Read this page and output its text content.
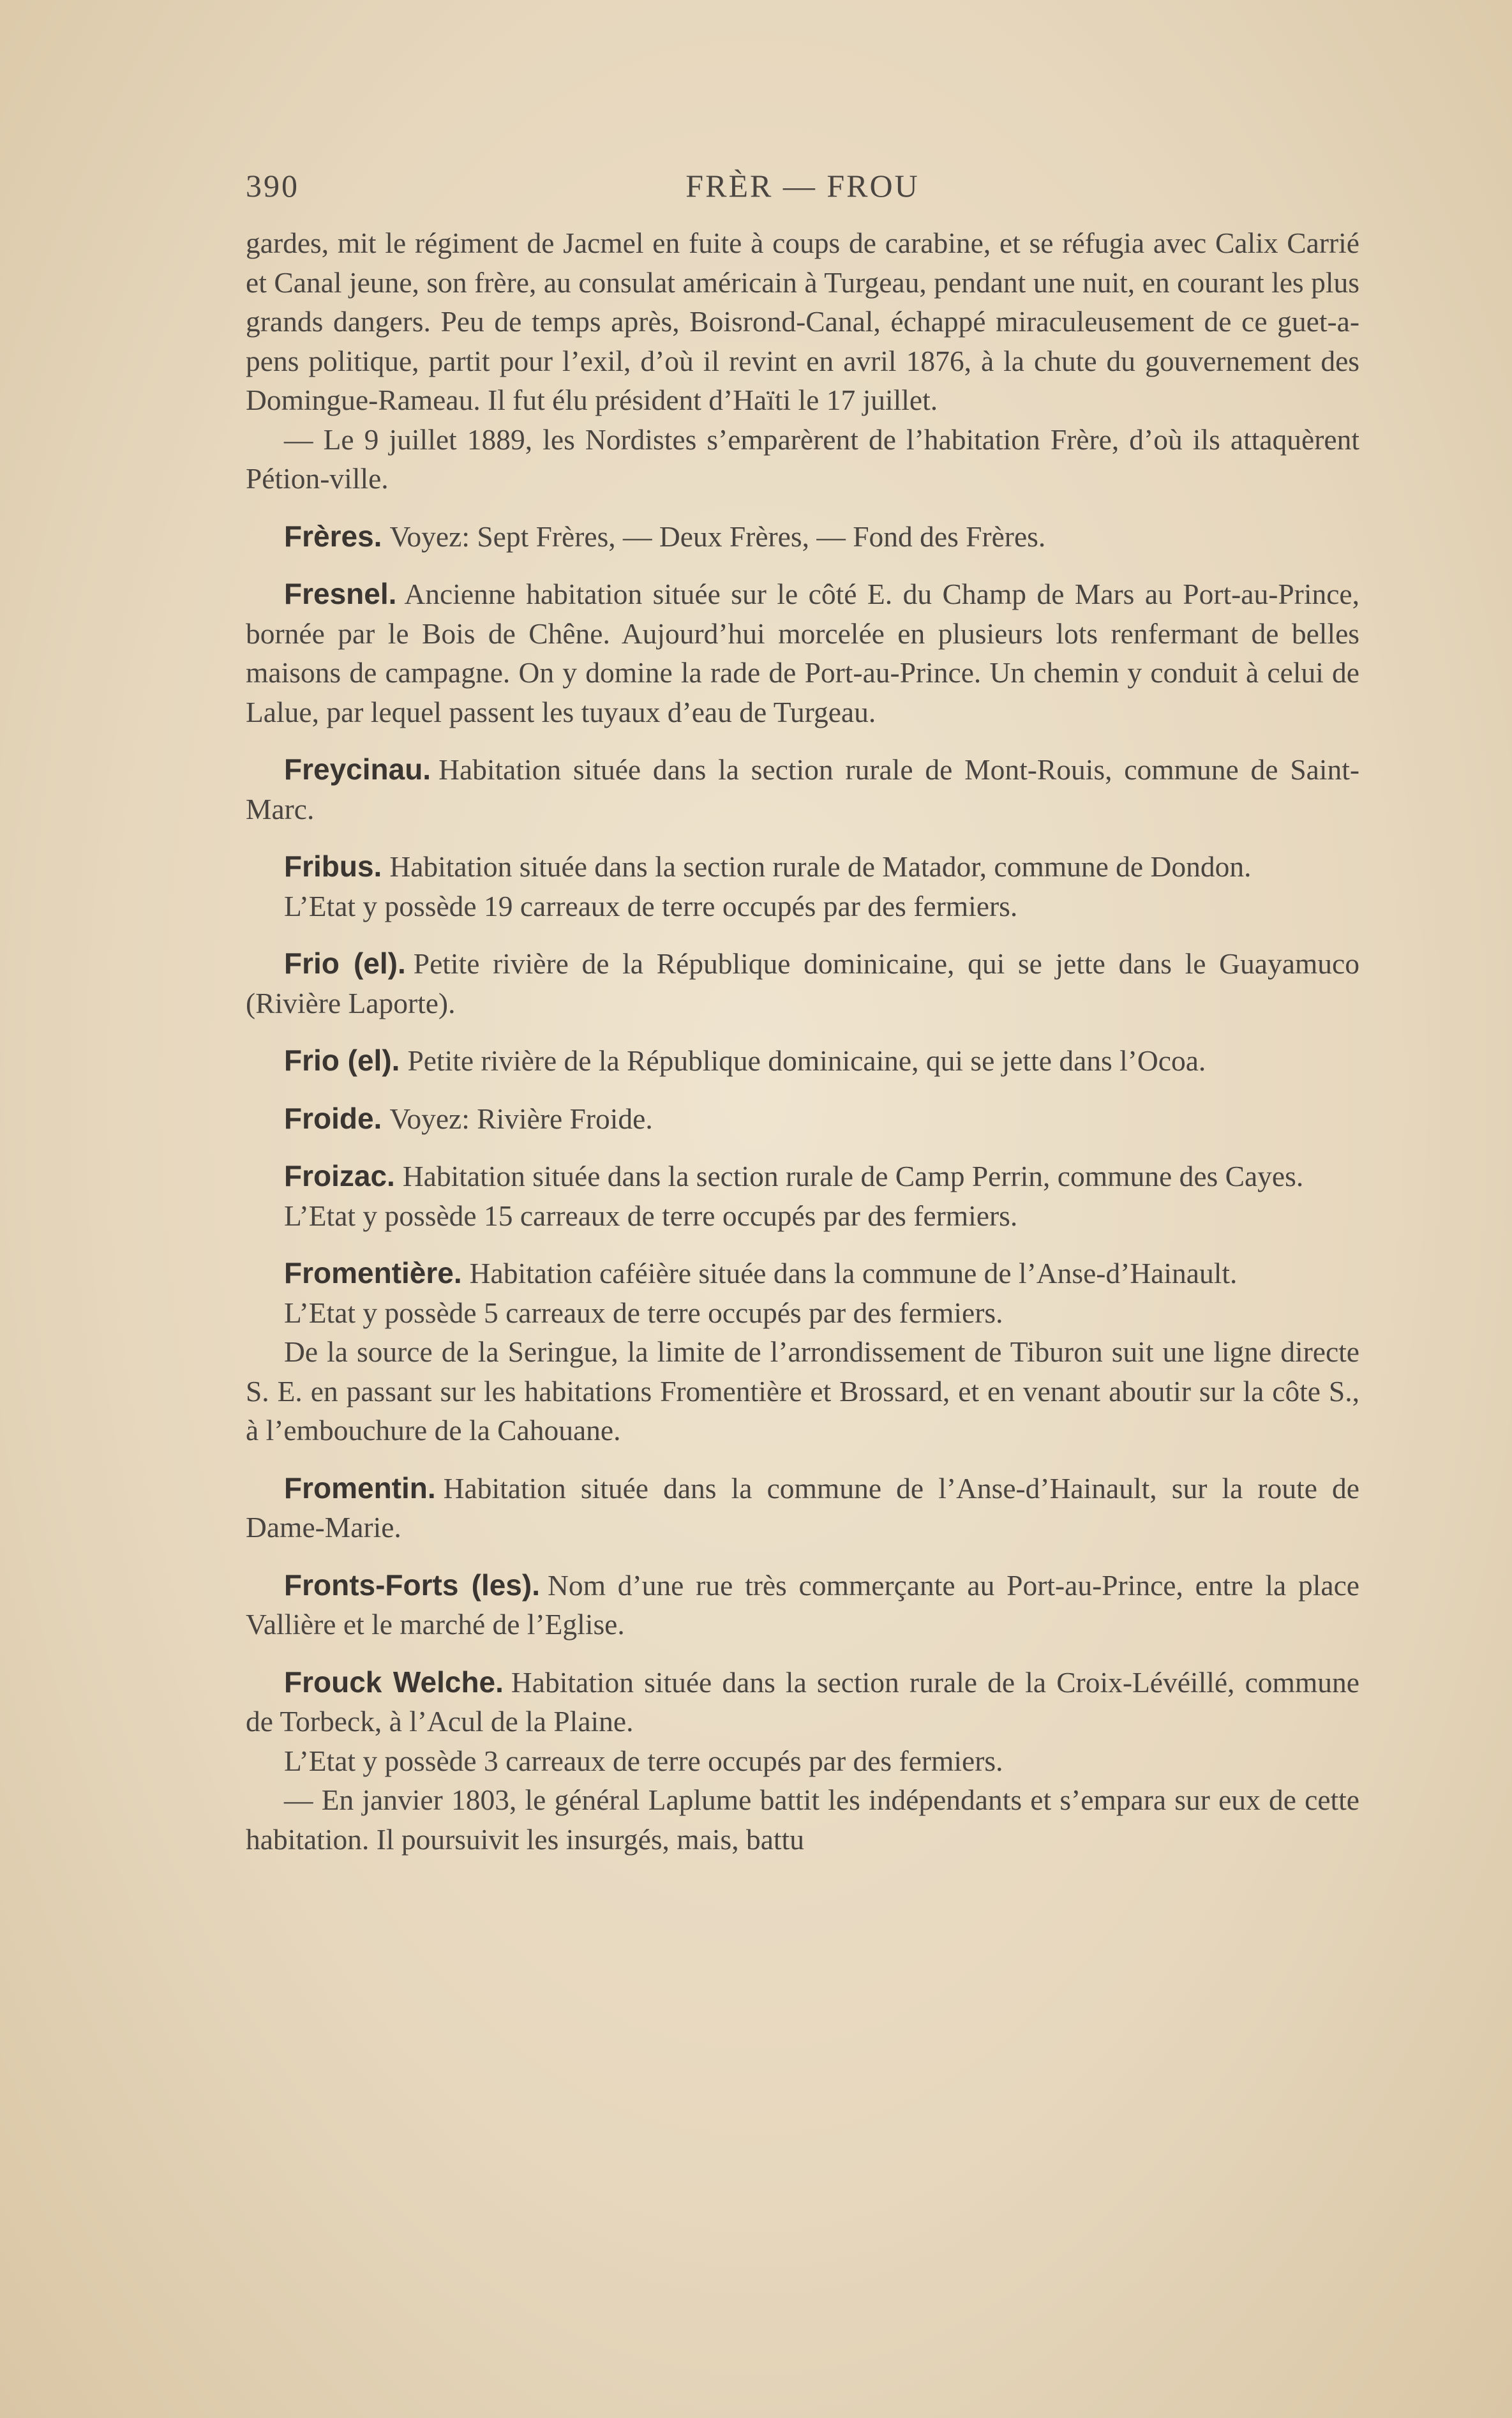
390	FRÈR — FROU

gardes, mit le régiment de Jacmel en fuite à coups de carabine, et se réfugia avec Calix Carrié et Canal jeune, son frère, au consulat américain à Turgeau, pendant une nuit, en courant les plus grands dangers. Peu de temps après, Boisrond-Canal, échappé miraculeusement de ce guet-a-pens politique, partit pour l’exil, d’où il revint en avril 1876, à la chute du gouvernement des Domingue-Rameau. Il fut élu président d’Haïti le 17 juillet.

— Le 9 juillet 1889, les Nordistes s’emparèrent de l’habitation Frère, d’où ils attaquèrent Pétion-ville.

Frères. Voyez: Sept Frères, — Deux Frères, — Fond des Frères.

Fresnel. Ancienne habitation située sur le côté E. du Champ de Mars au Port-au-Prince, bornée par le Bois de Chêne. Aujourd’hui morcelée en plusieurs lots renfermant de belles maisons de campagne. On y domine la rade de Port-au-Prince. Un chemin y conduit à celui de Lalue, par lequel passent les tuyaux d’eau de Turgeau.

Freycinau. Habitation située dans la section rurale de Mont-Rouis, commune de Saint-Marc.

Fribus. Habitation située dans la section rurale de Matador, commune de Dondon.

L’Etat y possède 19 carreaux de terre occupés par des fermiers.

Frio (el). Petite rivière de la République dominicaine, qui se jette dans le Guayamuco (Rivière Laporte).

Frio (el). Petite rivière de la République dominicaine, qui se jette dans l’Ocoa.

Froide. Voyez: Rivière Froide.

Froizac. Habitation située dans la section rurale de Camp Perrin, commune des Cayes.

L’Etat y possède 15 carreaux de terre occupés par des fermiers.

Fromentière. Habitation caféière située dans la commune de l’Anse-d’Hainault.

L’Etat y possède 5 carreaux de terre occupés par des fermiers.

De la source de la Seringue, la limite de l’arrondissement de Tiburon suit une ligne directe S. E. en passant sur les habitations Fromentière et Brossard, et en venant aboutir sur la côte S., à l’embouchure de la Cahouane.

Fromentin. Habitation située dans la commune de l’Anse-d’Hainault, sur la route de Dame-Marie.

Fronts-Forts (les). Nom d’une rue très commerçante au Port-au-Prince, entre la place Vallière et le marché de l’Eglise.

Frouck Welche. Habitation située dans la section rurale de la Croix-Lévéillé, commune de Torbeck, à l’Acul de la Plaine.

L’Etat y possède 3 carreaux de terre occupés par des fermiers.

— En janvier 1803, le général Laplume battit les indépendants et s’empara sur eux de cette habitation. Il poursuivit les insurgés, mais, battu
